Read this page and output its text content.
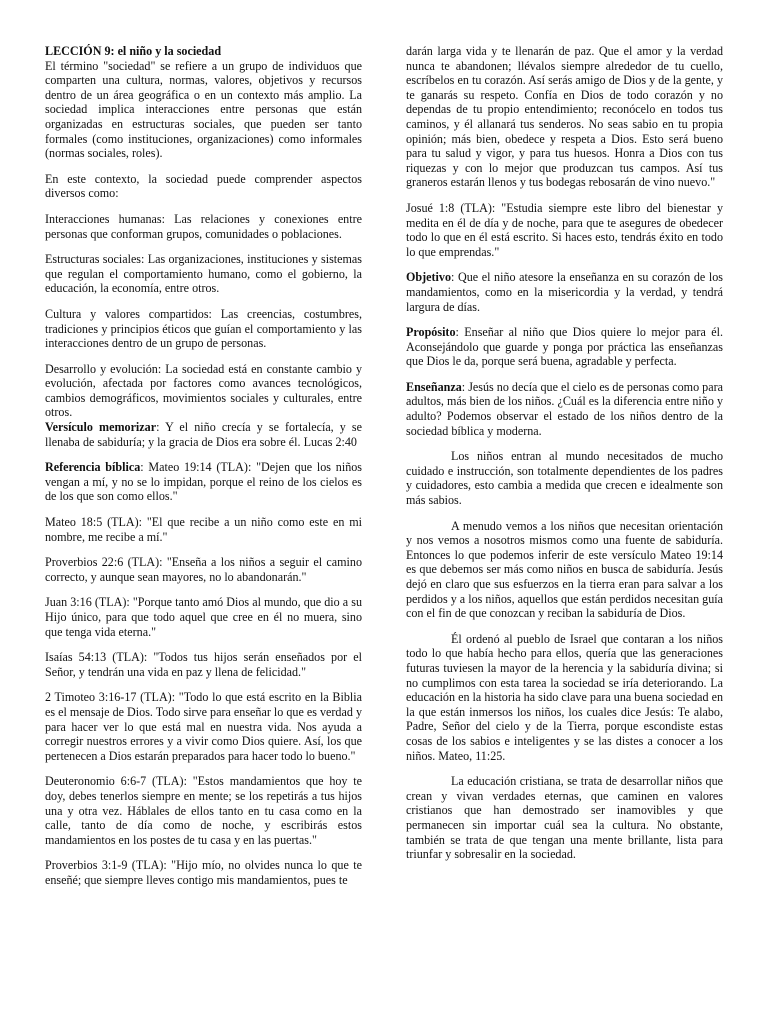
LECCIÓN 9: el niño y la sociedad

El término "sociedad" se refiere a un grupo de individuos que comparten una cultura, normas, valores, objetivos y recursos dentro de un área geográfica o en un contexto más amplio. La sociedad implica interacciones entre personas que están organizadas en estructuras sociales, que pueden ser tanto formales (como instituciones, organizaciones) como informales (normas sociales, roles).

En este contexto, la sociedad puede comprender aspectos diversos como:

Interacciones humanas: Las relaciones y conexiones entre personas que conforman grupos, comunidades o poblaciones.

Estructuras sociales: Las organizaciones, instituciones y sistemas que regulan el comportamiento humano, como el gobierno, la educación, la economía, entre otros.

Cultura y valores compartidos: Las creencias, costumbres, tradiciones y principios éticos que guían el comportamiento y las interacciones dentro de un grupo de personas.

Desarrollo y evolución: La sociedad está en constante cambio y evolución, afectada por factores como avances tecnológicos, cambios demográficos, movimientos sociales y culturales, entre otros.

Versículo memorizar: Y el niño crecía y se fortalecía, y se llenaba de sabiduría; y la gracia de Dios era sobre él. Lucas 2:40

Referencia bíblica: Mateo 19:14 (TLA): "Dejen que los niños vengan a mí, y no se lo impidan, porque el reino de los cielos es de los que son como ellos."

Mateo 18:5 (TLA): "El que recibe a un niño como este en mi nombre, me recibe a mí."

Proverbios 22:6 (TLA): "Enseña a los niños a seguir el camino correcto, y aunque sean mayores, no lo abandonarán."

Juan 3:16 (TLA): "Porque tanto amó Dios al mundo, que dio a su Hijo único, para que todo aquel que cree en él no muera, sino que tenga vida eterna."

Isaías 54:13 (TLA): "Todos tus hijos serán enseñados por el Señor, y tendrán una vida en paz y llena de felicidad."

2 Timoteo 3:16-17 (TLA): "Todo lo que está escrito en la Biblia es el mensaje de Dios. Todo sirve para enseñar lo que es verdad y para hacer ver lo que está mal en nuestra vida. Nos ayuda a corregir nuestros errores y a vivir como Dios quiere. Así, los que pertenecen a Dios estarán preparados para hacer todo lo bueno."

Deuteronomio 6:6-7 (TLA): "Estos mandamientos que hoy te doy, debes tenerlos siempre en mente; se los repetirás a tus hijos una y otra vez. Háblales de ellos tanto en tu casa como en la calle, tanto de día como de noche, y escribirás estos mandamientos en los postes de tu casa y en las puertas."

Proverbios 3:1-9 (TLA): "Hijo mío, no olvides nunca lo que te enseñé; que siempre lleves contigo mis mandamientos, pues te

darán larga vida y te llenarán de paz. Que el amor y la verdad nunca te abandonen; llévalos siempre alrededor de tu cuello, escríbelos en tu corazón. Así serás amigo de Dios y de la gente, y te ganarás su respeto. Confía en Dios de todo corazón y no dependas de tu propio entendimiento; reconócelo en todos tus caminos, y él allanará tus senderos. No seas sabio en tu propia opinión; más bien, obedece y respeta a Dios. Esto será bueno para tu salud y vigor, y para tus huesos. Honra a Dios con tus riquezas y con lo mejor que produzcan tus campos. Así tus graneros estarán llenos y tus bodegas rebosarán de vino nuevo."

Josué 1:8 (TLA): "Estudia siempre este libro del bienestar y medita en él de día y de noche, para que te asegures de obedecer todo lo que en él está escrito. Si haces esto, tendrás éxito en todo lo que emprendas."

Objetivo: Que el niño atesore la enseñanza en su corazón de los mandamientos, como en la misericordia y la verdad, y tendrá largura de días.

Propósito: Enseñar al niño que Dios quiere lo mejor para él. Aconsejándolo que guarde y ponga por práctica las enseñanzas que Dios le da, porque será buena, agradable y perfecta.

Enseñanza: Jesús no decía que el cielo es de personas como para adultos, más bien de los niños. ¿Cuál es la diferencia entre niño y adulto? Podemos observar el estado de los niños dentro de la sociedad bíblica y moderna.

Los niños entran al mundo necesitados de mucho cuidado e instrucción, son totalmente dependientes de los padres y cuidadores, esto cambia a medida que crecen e idealmente son más sabios.

A menudo vemos a los niños que necesitan orientación y nos vemos a nosotros mismos como una fuente de sabiduría. Entonces lo que podemos inferir de este versículo Mateo 19:14 es que debemos ser más como niños en busca de sabiduría. Jesús dejó en claro que sus esfuerzos en la tierra eran para salvar a los perdidos y a los niños, aquellos que están perdidos necesitan guía con el fin de que conozcan y reciban la sabiduría de Dios.

Él ordenó al pueblo de Israel que contaran a los niños todo lo que había hecho para ellos, quería que las generaciones futuras tuviesen la mayor de la herencia y la sabiduría divina; si no cumplimos con esta tarea la sociedad se iría deteriorando. La educación en la historia ha sido clave para una buena sociedad en la que están inmersos los niños, los cuales dice Jesús: Te alabo, Padre, Señor del cielo y de la Tierra, porque escondiste estas cosas de los sabios e inteligentes y se las distes a conocer a los niños. Mateo, 11:25.

La educación cristiana, se trata de desarrollar niños que crean y vivan verdades eternas, que caminen en valores cristianos que han demostrado ser inamovibles y que permanecen sin importar cuál sea la cultura. No obstante, también se trata de que tengan una mente brillante, lista para triunfar y sobresalir en la sociedad.
